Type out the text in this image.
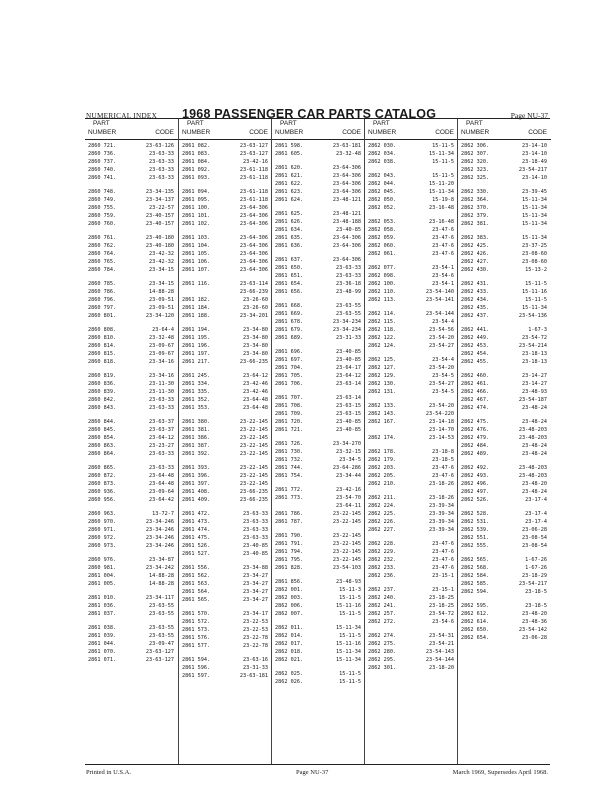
NUMERICAL INDEX 1968 PASSENGER CAR PARTS CATALOG	Page NU-37
PART
NUMBER	CODE
2860 721.	23-63-126
2860 736.	23-63-33
2860 737.	23-63-33
2860 740.	23-63-33
2860 741.	23-63-33
2860 748.	23-34-135
2860 749.	23-34-137
2860 755.	23-22-57
2860 759.	23-40-157
2860 760.	23-40-157
2860 761.	23-40-180
2860 762.	23-40-180
2860 764.	23-42-32
2860 765.	23-42-32
2860 784.	23-34-15
2860 785.	23-34-15
2860 786.	14-88-28
2860 796.	23-09-51
2860 797.	23-09-51
2860 801.	23-34-120
2860 808.	23-64-4
2860 810.	23-32-48
2860 814.	23-09-67
2860 815.	23-09-67
2860 818.	23-34-16
2860 819.	23-34-16
2860 836.	23-11-30
2860 839.	23-11-30
2860 842.	23-63-33
2860 843.	23-63-33
2860 844.	23-63-37
2860 845.	23-63-37
2860 854.	23-64-12
2860 863.	23-23-27
2860 864.	23-63-33
2860 865.	23-63-33
2860 872.	23-64-48
2860 873.	23-64-48
2860 936.	23-09-64
2860 956.	23-64-42
2860 963.	13-72-7
2860 970.	23-34-246
2860 971.	23-34-246
2860 972.	23-34-246
2860 973.	23-34-246
2860 976.	23-34-87
2860 981.	23-34-242
2861 004.	14-88-28
2861 005.	14-88-28
2861 010.	23-34-117
2861 036.	23-63-55
2861 037.	23-63-55
2861 038.	23-63-55
2861 039.	23-63-55
2861 044.	23-09-47
2861 070.	23-63-127
2861 071.	23-63-127
PART
NUMBER	CODE
2861 082.	23-63-127
2861 083.	23-63-127
2861 084.	23-42-16
2861 092.	23-61-118
2861 093.	23-61-118
2861 094.	23-61-118
2861 095.	23-61-118
2861 100.	23-64-306
2861 101.	23-64-306
2861 102.	23-64-306
2861 103.	23-64-306
2861 104.	23-64-306
2861 105.	23-64-306
2861 106.	23-64-306
2861 107.	23-64-306
2861 116.	23-63-114
23-66-239
2861 182.	23-26-60
2861 184.	23-26-60
2861 188.	23-34-201
2861 194.	23-34-80
2861 195.	23-34-80
2861 196.	23-34-80
2861 197.	23-34-80
2861 217.	23-66-235
2861 245.	23-64-12
2861 334.	23-42-46
2861 335.	23-42-46
2861 352.	23-64-48
2861 353.	23-64-48
2861 380.	23-22-145
2861 381.	23-22-145
2861 386.	23-22-145
2861 387.	23-22-145
2861 392.	23-22-145
2861 393.	23-22-145
2861 396.	23-22-145
2861 397.	23-22-145
2861 408.	23-66-235
2861 409.	23-66-235
2861 472.	23-63-33
2861 473.	23-63-33
2861 474.	23-63-33
2861 475.	23-63-33
2861 526.	23-40-85
2861 527.	23-40-85
2861 556.	23-34-88
2861 562.	23-34-27
2861 563.	23-34-27
2861 564.	23-34-27
2861 565.	23-34-27
2861 570.	23-34-17
2861 572.	23-22-53
2861 573.	23-22-53
2861 576.	23-22-78
2861 577.	23-22-78
2861 594.	23-63-16
2861 596.	23-31-33
2861 597.	23-63-181
PART
NUMBER	CODE
2861 598.	23-63-181
2861 605.	23-32-48
2861 620.	23-64-306
2861 621.	23-64-306
2861 622.	23-64-306
2861 623.	23-64-306
2861 624.	23-48-121
2861 625.	23-48-121
2861 626.	23-48-188
2861 634.	23-40-85
2861 635.	23-64-306
2861 636.	23-64-306
2861 637.	23-64-306
2861 650.	23-63-33
2861 651.	23-63-33
2861 654.	23-36-18
2861 656.	23-48-99
2861 668.	23-63-55
2861 669.	23-63-55
2861 678.	23-34-234
2861 679.	23-34-234
2861 689.	23-31-33
2861 696.	23-40-85
2861 697.	23-40-85
2861 704.	23-64-17
2861 705.	23-64-12
2861 706.	23-63-14
2861 707.	23-63-14
2861 708.	23-63-15
2861 709.	23-63-15
2861 720.	23-40-85
2861 721.	23-40-85
2861 726.	23-34-270
2861 730.	23-32-15
2861 732.	23-34-5
2861 744.	23-64-286
2861 754.	23-34-44
2861 772.	23-42-16
2861 773.	23-54-70
23-64-11
2861 786.	23-22-145
2861 787.	23-22-145
2861 790.	23-22-145
2861 791.	23-22-145
2861 794.	23-22-145
2861 795.	23-22-145
2861 828.	23-54-103
2861 856.	23-48-93
2862 001.	15-11-3
2862 003.	15-11-5
2862 006.	15-11-16
2862 007.	15-11-5
2862 011.	15-11-34
2862 014.	15-11-5
2862 017.	15-11-16
2862 018.	15-11-34
2862 021.	15-11-34
2862 025.	15-11-5
2862 026.	15-11-5
PART
NUMBER	CODE
2862 030.	15-11-5
2862 034.	15-11-34
2862 038.	15-11-5
2862 043.	15-11-5
2862 044.	15-11-20
2862 045.	15-11-34
2862 050.	15-19-8
2862 052.	23-16-48
2862 053.	23-16-48
2862 058.	23-47-6
2862 059.	23-47-6
2862 060.	23-47-6
2862 061.	23-47-6
2862 077.	23-54-1
2862 098.	23-54-6
2862 100.	23-54-1
2862 110.	23-54-140
2862 113.	23-54-141
2862 114.	23-54-144
2862 115.	23-54-4
2862 118.	23-54-56
2862 122.	23-54-20
2862 124.	23-54-27
2862 125.	23-54-4
2862 127.	23-54-20
2862 129.	23-54-5
2862 130.	23-54-27
2862 131.	23-54-5
2862 133.	23-54-20
2862 143.	23-54-220
2862 167.	23-14-18
23-14-70
2862 174.	23-14-53
2862 178.	23-18-8
2862 179.	23-18-5
2862 203.	23-47-6
2862 205.	23-47-6
2862 210.	23-18-26
2862 211.	23-18-26
2862 224.	23-39-34
2862 225.	23-39-34
2862 226.	23-39-34
2862 227.	23-39-34
2862 228.	23-47-6
2862 229.	23-47-6
2862 232.	23-47-6
2862 233.	23-47-6
2862 236.	23-15-1
2862 237.	23-15-1
2862 240.	23-18-25
2862 241.	23-18-25
2862 257.	23-54-72
2862 272.	23-54-6
2862 274.	23-54-31
2862 275.	23-54-21
2862 280.	23-54-143
2862 295.	23-54-144
2862 301.	23-18-20
PART
NUMBER	CODE
2862 306.	23-14-10
2862 307.	23-14-10
2862 320.	23-18-49
2862 323.	23-54-217
2862 325.	23-14-10
2862 330.	23-39-45
2862 364.	15-11-34
2862 370.	15-11-34
2862 379.	15-11-34
2862 381.	15-11-34
2862 383.	15-11-34
2862 425.	23-37-25
2862 426.	23-08-60
2862 427.	23-08-60
2862 430.	15-13-2
2862 431.	15-11-5
2862 433.	15-11-16
2862 434.	15-11-5
2862 435.	15-11-34
2862 437.	23-54-136
2862 441.	1-67-3
2862 449.	23-54-72
2862 453.	23-54-214
2862 454.	23-18-13
2862 455.	23-18-13
2862 460.	23-14-27
2862 461.	23-14-27
2862 466.	23-48-93
2862 467.	23-54-187
2862 474.	23-48-24
2862 475.	23-48-24
2862 476.	23-48-203
2862 479.	23-48-203
2862 484.	23-48-24
2862 489.	23-48-24
2862 492.	23-48-203
2862 493.	23-48-203
2862 496.	23-48-20
2862 497.	23-48-24
2862 526.	23-17-4
2862 528.	23-17-4
2862 531.	23-17-4
2862 539.	23-06-28
2862 551.	23-08-54
2862 555.	23-08-54
2862 565.	1-67-26
2862 568.	1-67-26
2862 584.	23-18-29
2862 585.	23-54-217
2862 594.	23-18-5
2862 595.	23-18-5
2862 612.	23-48-20
2862 614.	23-48-36
2862 650.	23-54-142
2862 654.	23-06-28
Printed in U.S.A.	Page NU-37	March 1969, Supersedes April 1968.
